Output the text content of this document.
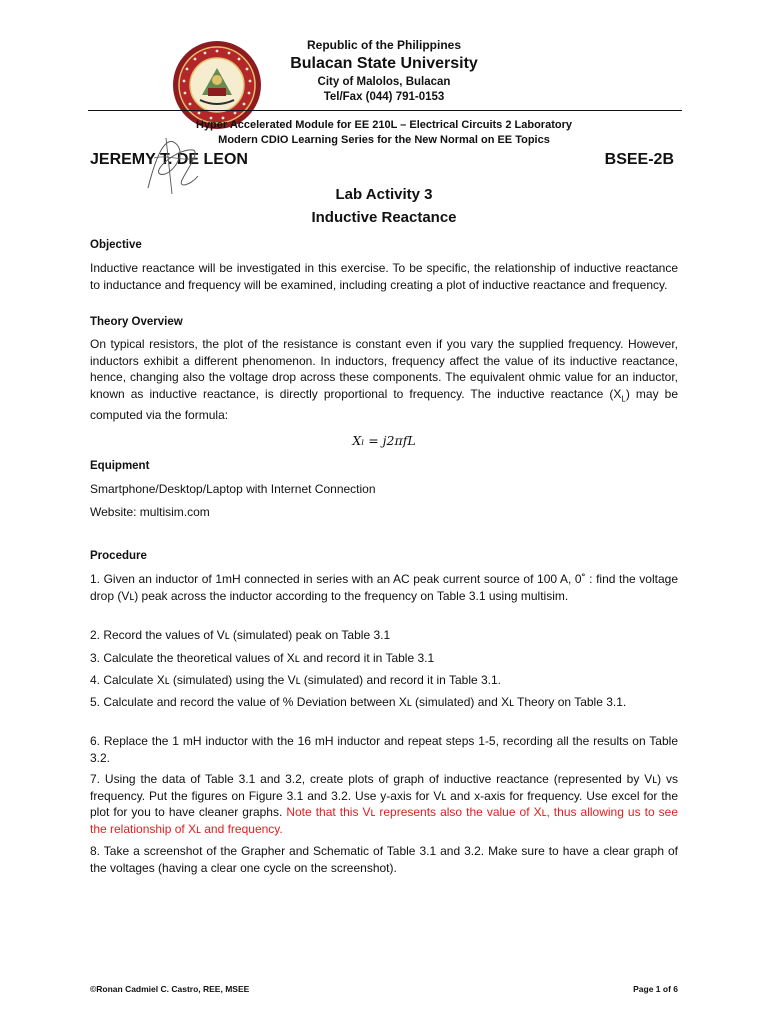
Republic of the Philippines
Bulacan State University
City of Malolos, Bulacan
Tel/Fax (044) 791-0153
Hyper Accelerated Module for EE 210L – Electrical Circuits 2 Laboratory
Modern CDIO Learning Series for the New Normal on EE Topics
JEREMY T. DE LEON	BSEE-2B
Lab Activity 3
Inductive Reactance
Objective
Inductive reactance will be investigated in this exercise. To be specific, the relationship of inductive reactance to inductance and frequency will be examined, including creating a plot of inductive reactance and frequency.
Theory Overview
On typical resistors, the plot of the resistance is constant even if you vary the supplied frequency. However, inductors exhibit a different phenomenon. In inductors, frequency affect the value of its inductive reactance, hence, changing also the voltage drop across these components. The equivalent ohmic value for an inductor, known as inductive reactance, is directly proportional to frequency. The inductive reactance $(X_L)$ may be computed via the formula:
Xₗ = j2πfL
Equipment
Smartphone/Desktop/Laptop with Internet Connection
Website: multisim.com
Procedure
1. Given an inductor of 1mH connected in series with an AC peak current source of 100 A, 0˚ : find the voltage drop (Vʟ) peak across the inductor according to the frequency on Table 3.1 using multisim.
2. Record the values of Vʟ (simulated) peak on Table 3.1
3. Calculate the theoretical values of Xʟ and record it in Table 3.1
4. Calculate Xʟ (simulated) using the Vʟ (simulated) and record it in Table 3.1.
5. Calculate and record the value of % Deviation between Xʟ (simulated) and Xʟ Theory on Table 3.1.
6. Replace the 1 mH inductor with the 16 mH inductor and repeat steps 1-5, recording all the results on Table 3.2.
7. Using the data of Table 3.1 and 3.2, create plots of graph of inductive reactance (represented by Vʟ) vs frequency. Put the figures on Figure 3.1 and 3.2. Use y-axis for Vʟ and x-axis for frequency. Use excel for the plot for you to have cleaner graphs. Note that this Vʟ represents also the value of Xʟ, thus allowing us to see the relationship of Xʟ and frequency.
8. Take a screenshot of the Grapher and Schematic of Table 3.1 and 3.2. Make sure to have a clear graph of the voltages (having a clear one cycle on the screenshot).
©Ronan Cadmiel C. Castro, REE, MSEE	Page 1 of 6
